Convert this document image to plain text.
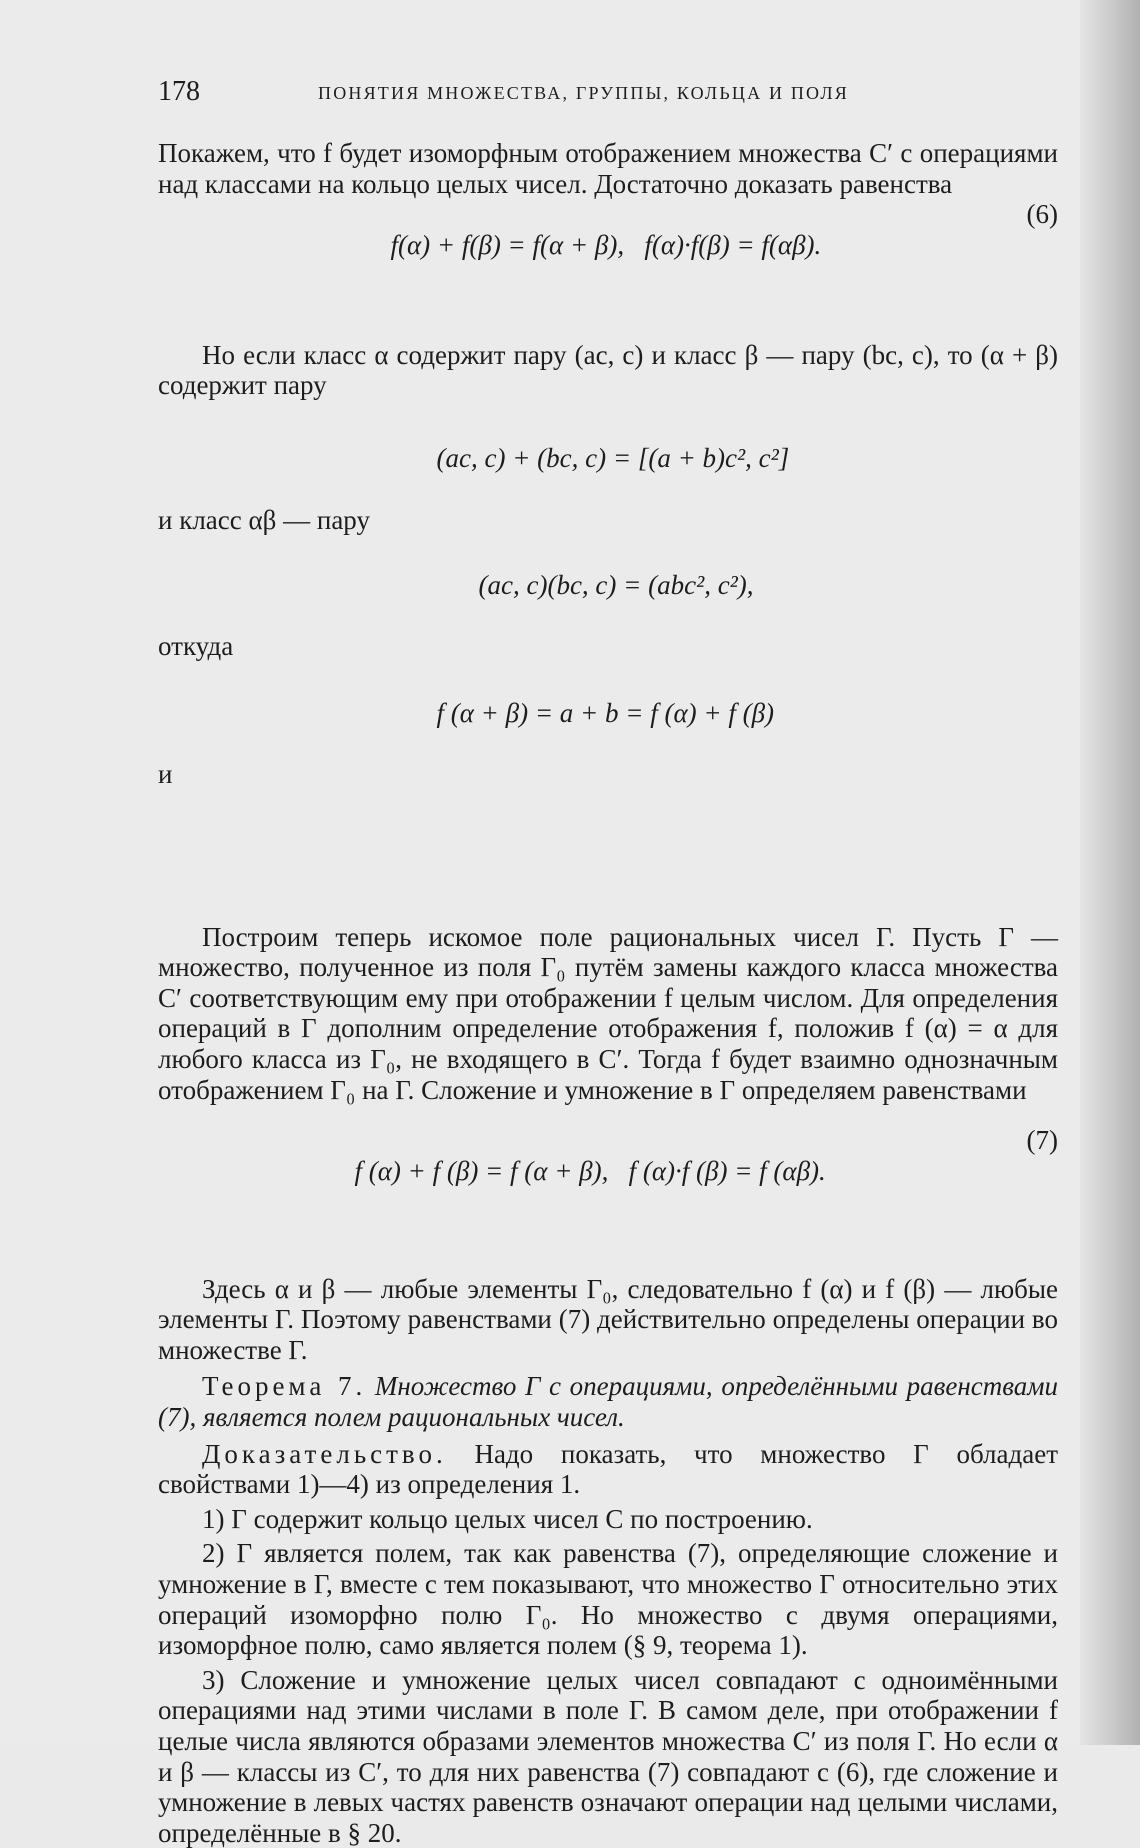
178	ПОНЯТИЯ МНОЖЕСТВА, ГРУППЫ, КОЛЬЦА И ПОЛЯ

Покажем, что f будет изоморфным отображением множества C′ с операциями над классами на кольцо целых чисел. Достаточно доказать равенства

f(α) + f(β) = f(α + β),   f(α)·f(β) = f(αβ).

(6)

Но если класс α содержит пару (ac, c) и класс β — пару (bc, c), то (α + β) содержит пару

(ac, c) + (bc, c) = [(a + b)c², c²]

и класс αβ — пару

(ac, c)(bc, c) = (abc², c²),

откуда

f (α + β) = a + b = f (α) + f (β)

и

Построим теперь искомое поле рациональных чисел Γ. Пусть Γ — множество, полученное из поля Γ₀ путём замены каждого класса множества C′ соответствующим ему при отображении f целым числом. Для определения операций в Γ дополним определение отображения f, положив f (α) = α для любого класса из Γ₀, не входящего в C′. Тогда f будет взаимно однозначным отображением Γ₀ на Γ. Сложение и умножение в Γ определяем равенствами

f (α) + f (β) = f (α + β),   f (α)·f (β) = f (αβ).

(7)

Здесь α и β — любые элементы Γ₀, следовательно f (α) и f (β) — любые элементы Γ. Поэтому равенствами (7) действительно определены операции во множестве Γ.

Теорема 7. Множество Γ с операциями, определёнными равенствами (7), является полем рациональных чисел.

Доказательство. Надо показать, что множество Γ обладает свойствами 1)—4) из определения 1.

1) Γ содержит кольцо целых чисел C по построению.

2) Γ является полем, так как равенства (7), определяющие сложение и умножение в Γ, вместе с тем показывают, что множество Γ относительно этих операций изоморфно полю Γ₀. Но множество с двумя операциями, изоморфное полю, само является полем (§ 9, теорема 1).

3) Сложение и умножение целых чисел совпадают с одноимёнными операциями над этими числами в поле Γ. В самом деле, при отображении f целые числа являются образами элементов множества C′ из поля Γ. Но если α и β — классы из C′, то для них равенства (7) совпадают с (6), где сложение и умножение в левых частях равенств означают операции над целыми числами, определённые в § 20.
